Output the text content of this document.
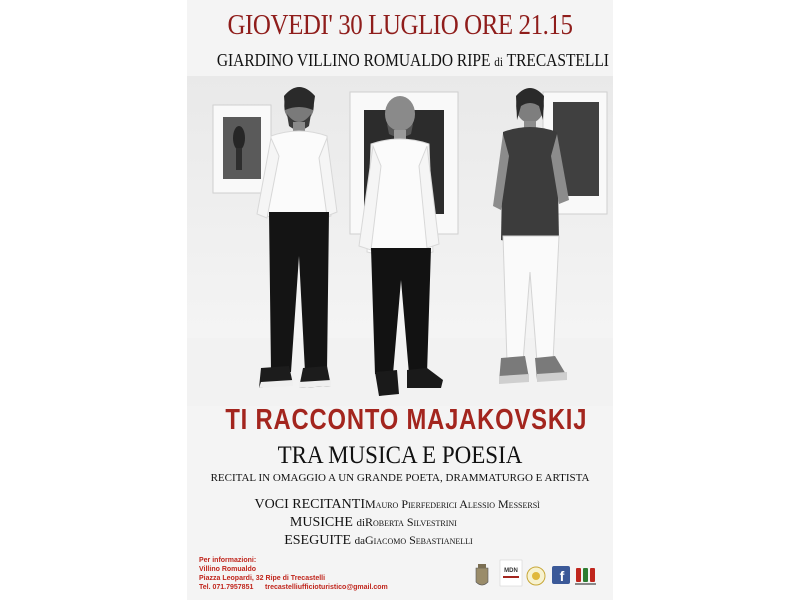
GIOVEDI' 30 LUGLIO ORE 21.15
GIARDINO VILLINO ROMUALDO RIPE di TRECASTELLI
TI RACCONTO MAJAKOVSKIJ
TRA MUSICA E POESIA
RECITAL IN OMAGGIO A UN GRANDE POETA, DRAMMATURGO E ARTISTA
VOCI RECITANTI Mauro Pierfederici Alessio Messersì
MUSICHE di Roberta Silvestrini
ESEGUITE da Giacomo Sebastianelli
Per informazioni:
Villino Romualdo
Piazza Leopardi, 32 Ripe di Trecastelli
Tel. 071.7957851      trecastelliufficioturistico@gmail.com
MDN	f
